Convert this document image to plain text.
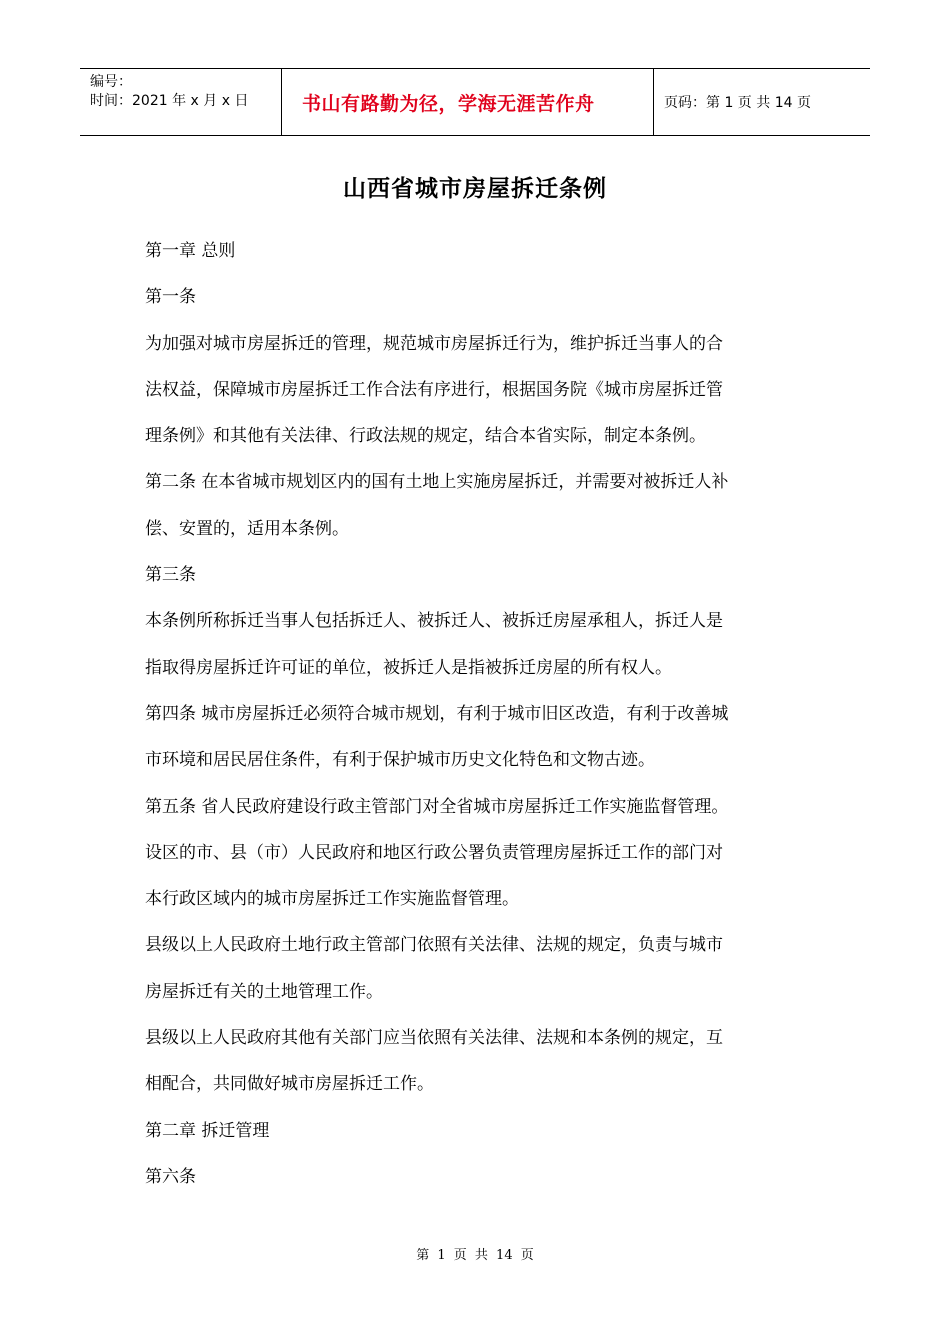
编号：
时间：2021 年 x 月 x 日	书山有路勤为径，学海无涯苦作舟	页码：第 1 页 共 14 页
山西省城市房屋拆迁条例
第一章 总则
第一条
为加强对城市房屋拆迁的管理，规范城市房屋拆迁行为，维护拆迁当事人的合
法权益，保障城市房屋拆迁工作合法有序进行，根据国务院《城市房屋拆迁管
理条例》和其他有关法律、行政法规的规定，结合本省实际，制定本条例。
第二条 在本省城市规划区内的国有土地上实施房屋拆迁，并需要对被拆迁人补
偿、安置的，适用本条例。
第三条
本条例所称拆迁当事人包括拆迁人、被拆迁人、被拆迁房屋承租人，拆迁人是
指取得房屋拆迁许可证的单位，被拆迁人是指被拆迁房屋的所有权人。
第四条 城市房屋拆迁必须符合城市规划，有利于城市旧区改造，有利于改善城
市环境和居民居住条件，有利于保护城市历史文化特色和文物古迹。
第五条 省人民政府建设行政主管部门对全省城市房屋拆迁工作实施监督管理。
设区的市、县（市）人民政府和地区行政公署负责管理房屋拆迁工作的部门对
本行政区域内的城市房屋拆迁工作实施监督管理。
县级以上人民政府土地行政主管部门依照有关法律、法规的规定，负责与城市
房屋拆迁有关的土地管理工作。
县级以上人民政府其他有关部门应当依照有关法律、法规和本条例的规定，互
相配合，共同做好城市房屋拆迁工作。
第二章 拆迁管理
第六条
第 1 页 共 14 页
